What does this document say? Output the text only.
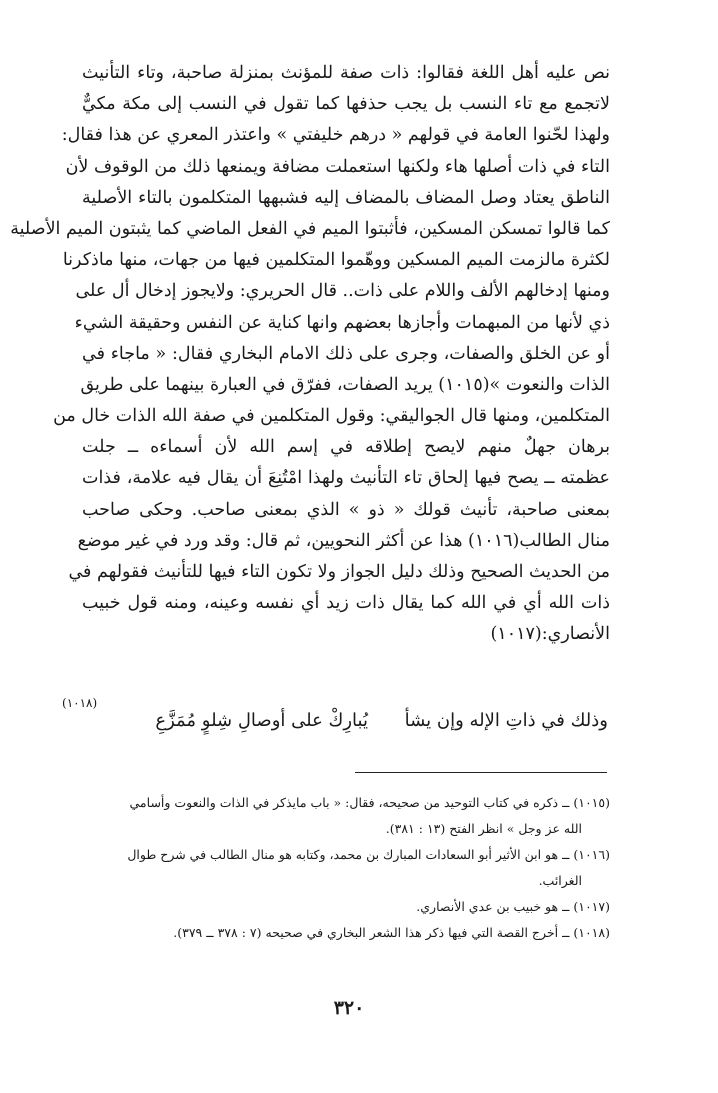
نص عليه أهل اللغة فقالوا: ذات صفة للمؤنث بمنزلة صاحبة، وتاء التأنيث
لاتجمع مع تاء النسب بل يجب حذفها كما تقول في النسب إلى مكة مكيٌّ
ولهذا لحّنوا العامة في قولهم « درهم خليفتي » واعتذر المعري عن هذا فقال:
التاء في ذات أصلها هاء ولكنها استعملت مضافة ويمنعها ذلك من الوقوف لأن
الناطق يعتاد وصل المضاف بالمضاف إليه فشبهها المتكلمون بالتاء الأصلية
كما قالوا تمسكن المسكين، فأثبتوا الميم في الفعل الماضي كما يثبتون الميم الأصلية
لكثرة مالزمت الميم المسكين ووهّموا المتكلمين فيها من جهات، منها ماذكرنا
ومنها إدخالهم الألف واللام على ذات.. قال الحريري: ولايجوز إدخال أل على
ذي لأنها من المبهمات وأجازها بعضهم وانها كناية عن النفس وحقيقة الشيء
أو عن الخلق والصفات، وجرى على ذلك الامام البخاري فقال: « ماجاء في
الذات والنعوت »(١٠١٥) يريد الصفات، ففرّق في العبارة بينهما على طريق
المتكلمين، ومنها قال الجواليقي: وقول المتكلمين في صفة الله الذات خال من
برهان جهلٌ منهم لايصح إطلاقه في إسم الله لأن أسماءه ــ جلت
عظمته ــ يصح فيها إلحاق تاء التأنيث ولهذا امْتُنِعَ أن يقال فيه علامة، فذات
بمعنى صاحبة، تأنيث قولك « ذو » الذي بمعنى صاحب. وحكى صاحب
منال الطالب(١٠١٦) هذا عن أكثر النحويين، ثم قال: وقد ورد في غير موضع
من الحديث الصحيح وذلك دليل الجواز ولا تكون التاء فيها للتأنيث فقولهم في
ذات الله أي في الله كما يقال ذات زيد أي نفسه وعينه، ومنه قول خبيب
الأنصاري:(١٠١٧)
وذلك في ذاتِ الإله وإن يشأ
يُبارِكْ على أوصالِ شِلوٍ مُمَزَّعِ
(١٠١٨)
(١٠١٥) ــ ذكره في كتاب التوحيد من صحيحه، فقال: « باب مايذكر في الذات والنعوت وأسامي
الله عز وجل » انظر الفتح (١٣ : ٣٨١).
(١٠١٦) ــ هو ابن الأثير أبو السعادات المبارك بن محمد، وكتابه هو منال الطالب في شرح طوال
الغرائب.
(١٠١٧) ــ هو خبيب بن عدي الأنصاري.
(١٠١٨) ــ أخرج القصة التي فيها ذكر هذا الشعر البخاري في صحيحه (٧ : ٣٧٨ ــ ٣٧٩).
٣٢٠
